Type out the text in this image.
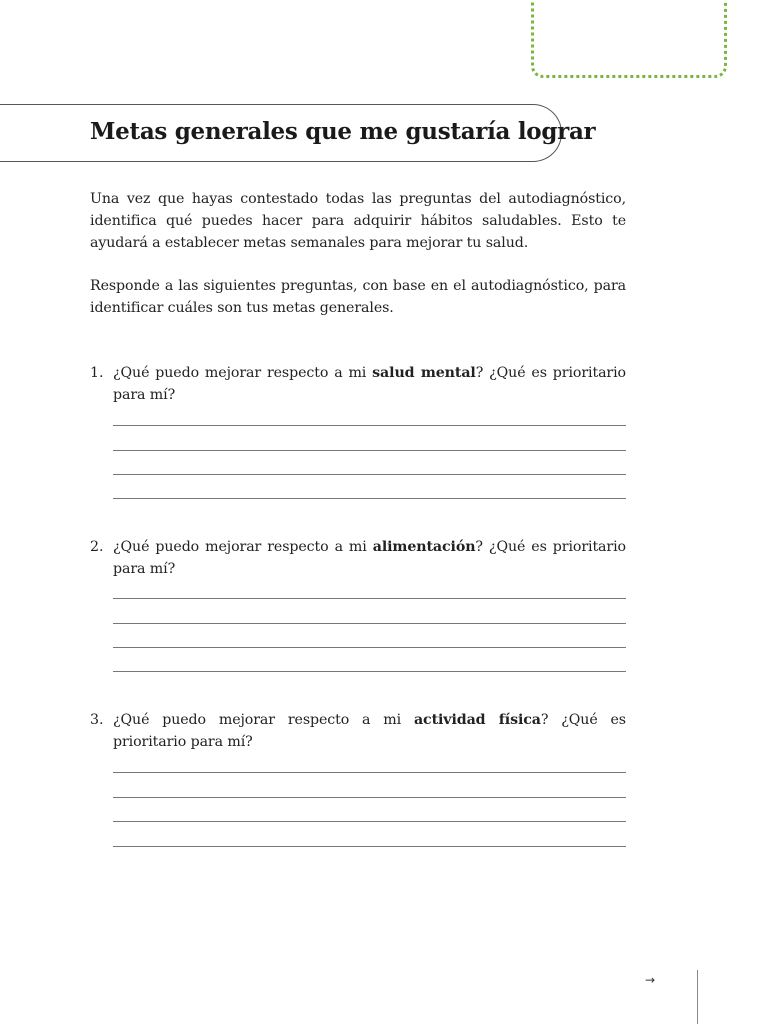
Metas generales que me gustaría lograr

Una vez que hayas contestado todas las preguntas del autodiagnóstico, identifica qué puedes hacer para adquirir hábitos saludables. Esto te ayudará a establecer metas semanales para mejorar tu salud.

Responde a las siguientes preguntas, con base en el autodiagnóstico, para identificar cuáles son tus metas generales.

1. ¿Qué puedo mejorar respecto a mi salud mental? ¿Qué es prioritario para mí?

2. ¿Qué puedo mejorar respecto a mi alimentación? ¿Qué es prioritario para mí?

3. ¿Qué puedo mejorar respecto a mi actividad física? ¿Qué es prioritario para mí?

→
